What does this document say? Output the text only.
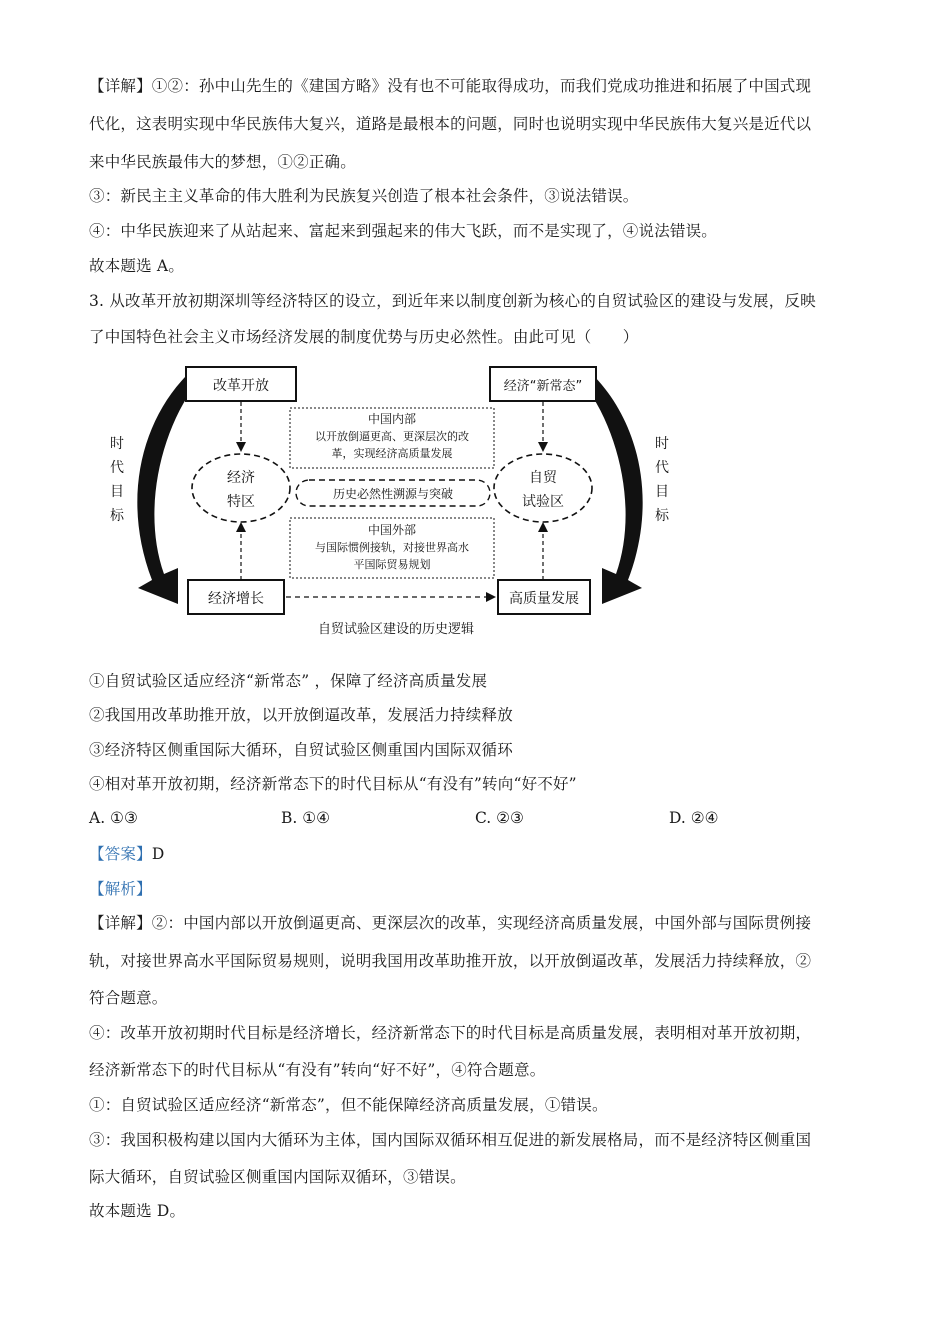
【详解】①②：孙中山先生的《建国方略》没有也不可能取得成功，而我们党成功推进和拓展了中国式现
代化，这表明实现中华民族伟大复兴，道路是最根本的问题，同时也说明实现中华民族伟大复兴是近代以
来中华民族最伟大的梦想，①②正确。
③：新民主主义革命的伟大胜利为民族复兴创造了根本社会条件，③说法错误。
④：中华民族迎来了从站起来、富起来到强起来的伟大飞跃，而不是实现了，④说法错误。
故本题选 A。
3. 从改革开放初期深圳等经济特区的设立，到近年来以制度创新为核心的自贸试验区的建设与发展，反映
了中国特色社会主义市场经济发展的制度优势与历史必然性。由此可见（　　）
时
代
目
标
时
代
目
标
改革开放	经济“新常态”
经济
特区
自贸
试验区
中国内部
以开放倒逼更高、更深层次的改
革，实现经济高质量发展
历史必然性溯源与突破
中国外部
与国际惯例接轨，对接世界高水
平国际贸易规划
经济增长	高质量发展
自贸试验区建设的历史逻辑
①自贸试验区适应经济“新常态” ，保障了经济高质量发展
②我国用改革助推开放，以开放倒逼改革，发展活力持续释放
③经济特区侧重国际大循环，自贸试验区侧重国内国际双循环
④相对革开放初期，经济新常态下的时代目标从“有没有”转向“好不好”
A. ①③	B. ①④	C. ②③	D. ②④
【答案】D
【解析】
【详解】②：中国内部以开放倒逼更高、更深层次的改革，实现经济高质量发展，中国外部与国际贯例接
轨，对接世界高水平国际贸易规则，说明我国用改革助推开放，以开放倒逼改革，发展活力持续释放，②
符合题意。
④：改革开放初期时代目标是经济增长，经济新常态下的时代目标是高质量发展，表明相对革开放初期，
经济新常态下的时代目标从“有没有”转向“好不好”，④符合题意。
①：自贸试验区适应经济“新常态”，但不能保障经济高质量发展，①错误。
③：我国积极构建以国内大循环为主体，国内国际双循环相互促进的新发展格局，而不是经济特区侧重国
际大循环，自贸试验区侧重国内国际双循环，③错误。
故本题选 D。
